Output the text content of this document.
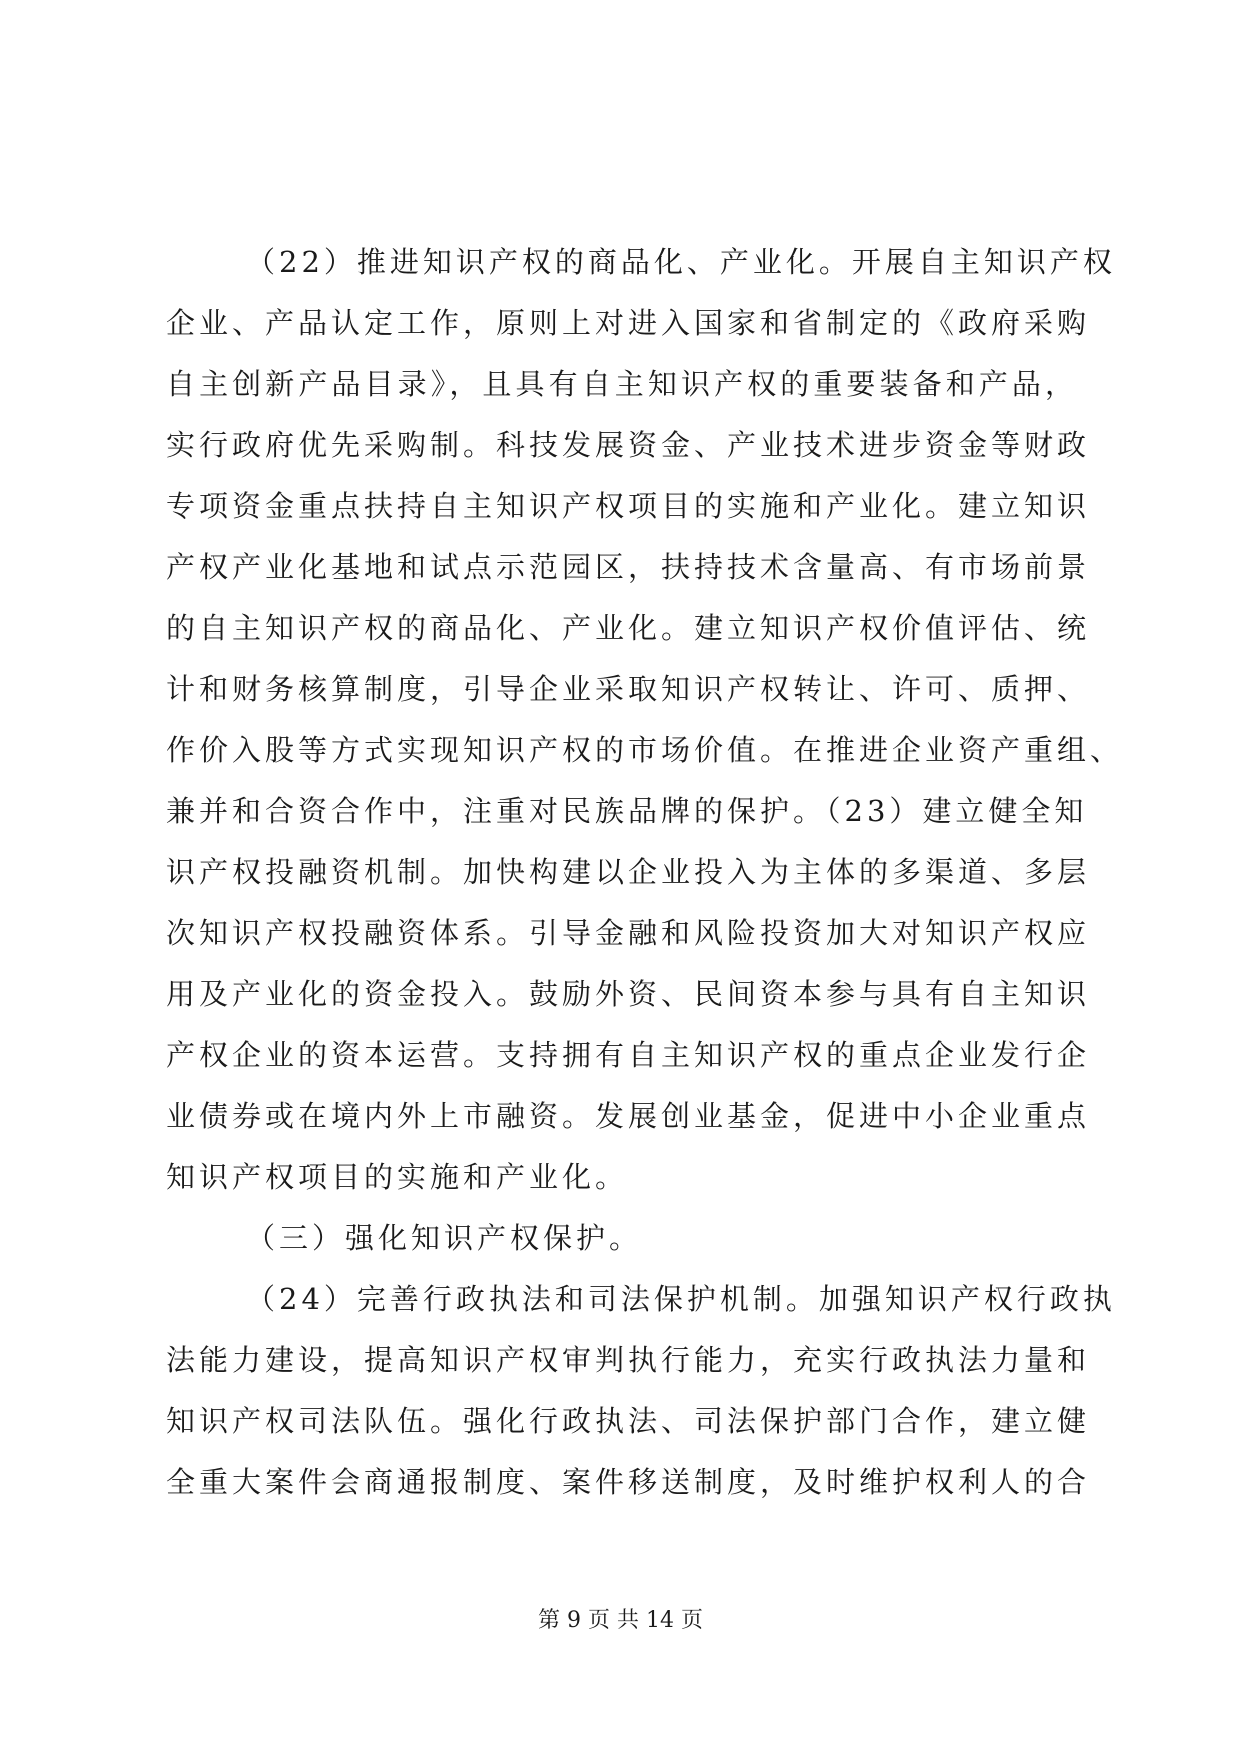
（22）推进知识产权的商品化、产业化。开展自主知识产权
企业、产品认定工作，原则上对进入国家和省制定的《政府采购
自主创新产品目录》，且具有自主知识产权的重要装备和产品，
实行政府优先采购制。科技发展资金、产业技术进步资金等财政
专项资金重点扶持自主知识产权项目的实施和产业化。建立知识
产权产业化基地和试点示范园区，扶持技术含量高、有市场前景
的自主知识产权的商品化、产业化。建立知识产权价值评估、统
计和财务核算制度，引导企业采取知识产权转让、许可、质押、
作价入股等方式实现知识产权的市场价值。在推进企业资产重组、
兼并和合资合作中，注重对民族品牌的保护。（23）建立健全知
识产权投融资机制。加快构建以企业投入为主体的多渠道、多层
次知识产权投融资体系。引导金融和风险投资加大对知识产权应
用及产业化的资金投入。鼓励外资、民间资本参与具有自主知识
产权企业的资本运营。支持拥有自主知识产权的重点企业发行企
业债券或在境内外上市融资。发展创业基金，促进中小企业重点
知识产权项目的实施和产业化。
（三）强化知识产权保护。
（24）完善行政执法和司法保护机制。加强知识产权行政执
法能力建设，提高知识产权审判执行能力，充实行政执法力量和
知识产权司法队伍。强化行政执法、司法保护部门合作，建立健
全重大案件会商通报制度、案件移送制度，及时维护权利人的合
第 9 页 共 14 页
